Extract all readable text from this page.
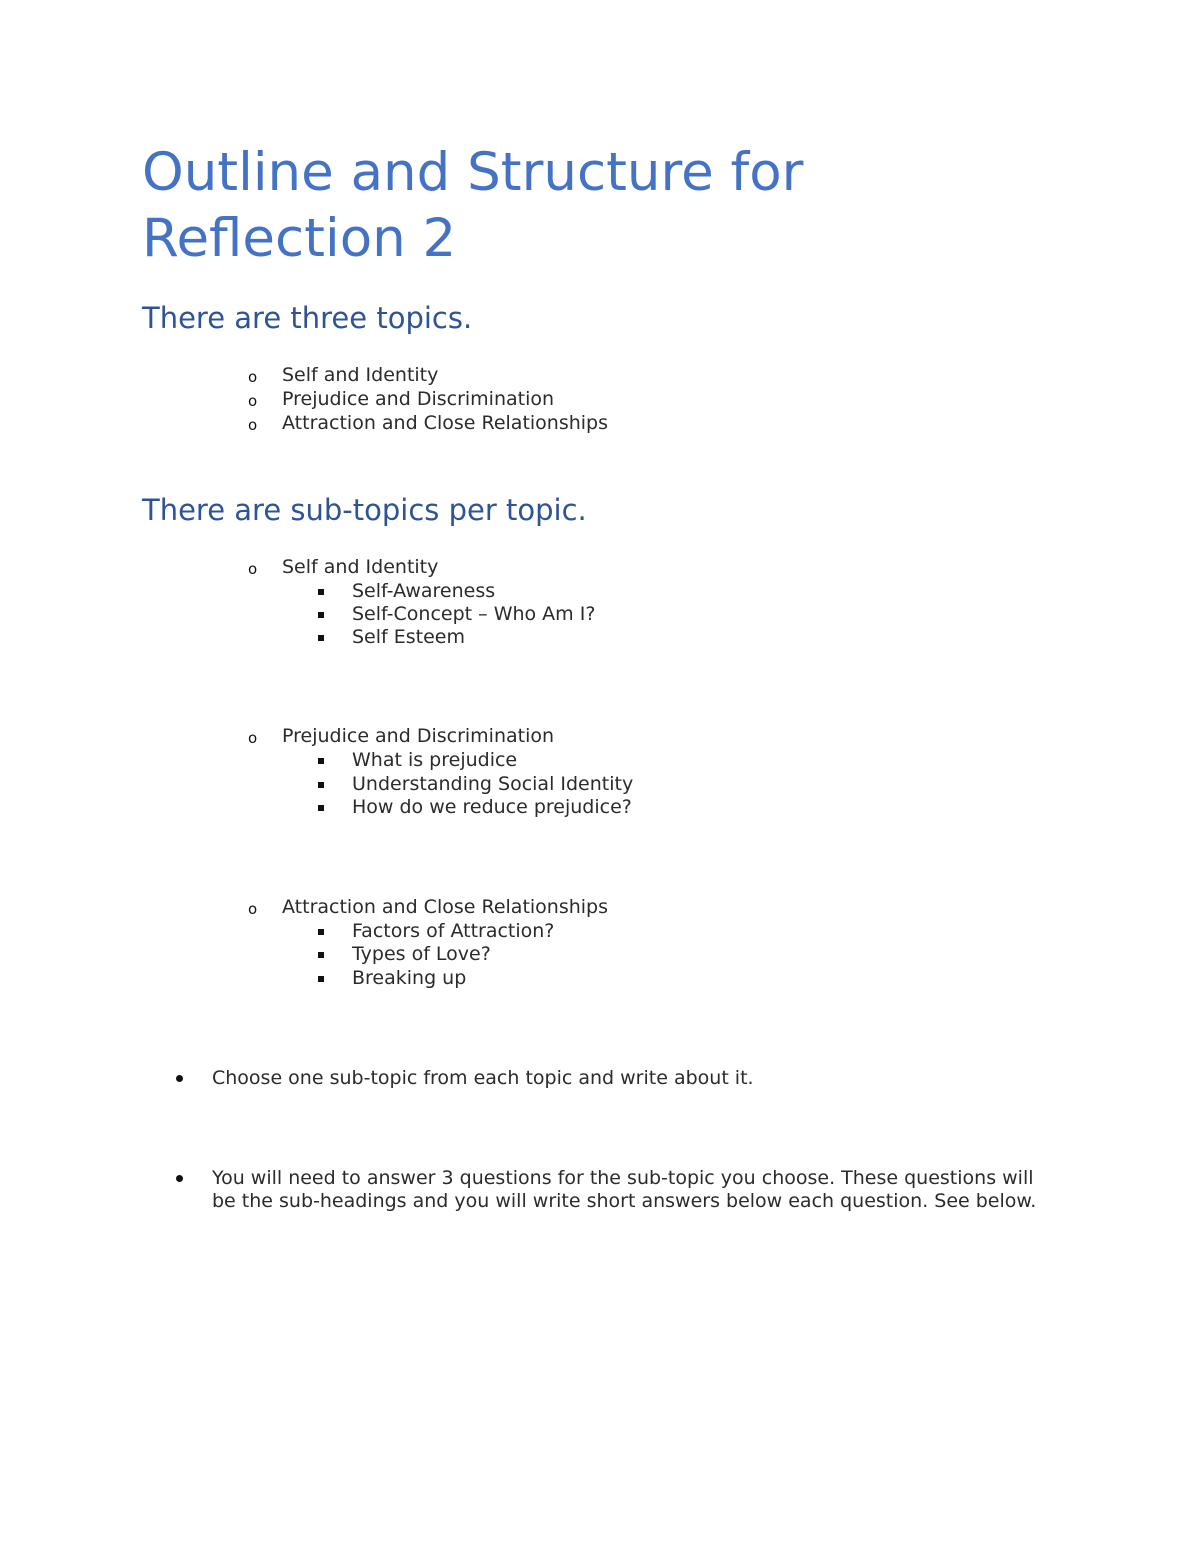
Outline and Structure for Reflection 2
There are three topics.
o Self and Identity
o Prejudice and Discrimination
o Attraction and Close Relationships
There are sub-topics per topic.
o Self and Identity
Self-Awareness
Self-Concept – Who Am I?
Self Esteem
o Prejudice and Discrimination
What is prejudice
Understanding Social Identity
How do we reduce prejudice?
o Attraction and Close Relationships
Factors of Attraction?
Types of Love?
Breaking up
Choose one sub-topic from each topic and write about it.
You will need to answer 3 questions for the sub-topic you choose. These questions will be the sub-headings and you will write short answers below each question. See below.
